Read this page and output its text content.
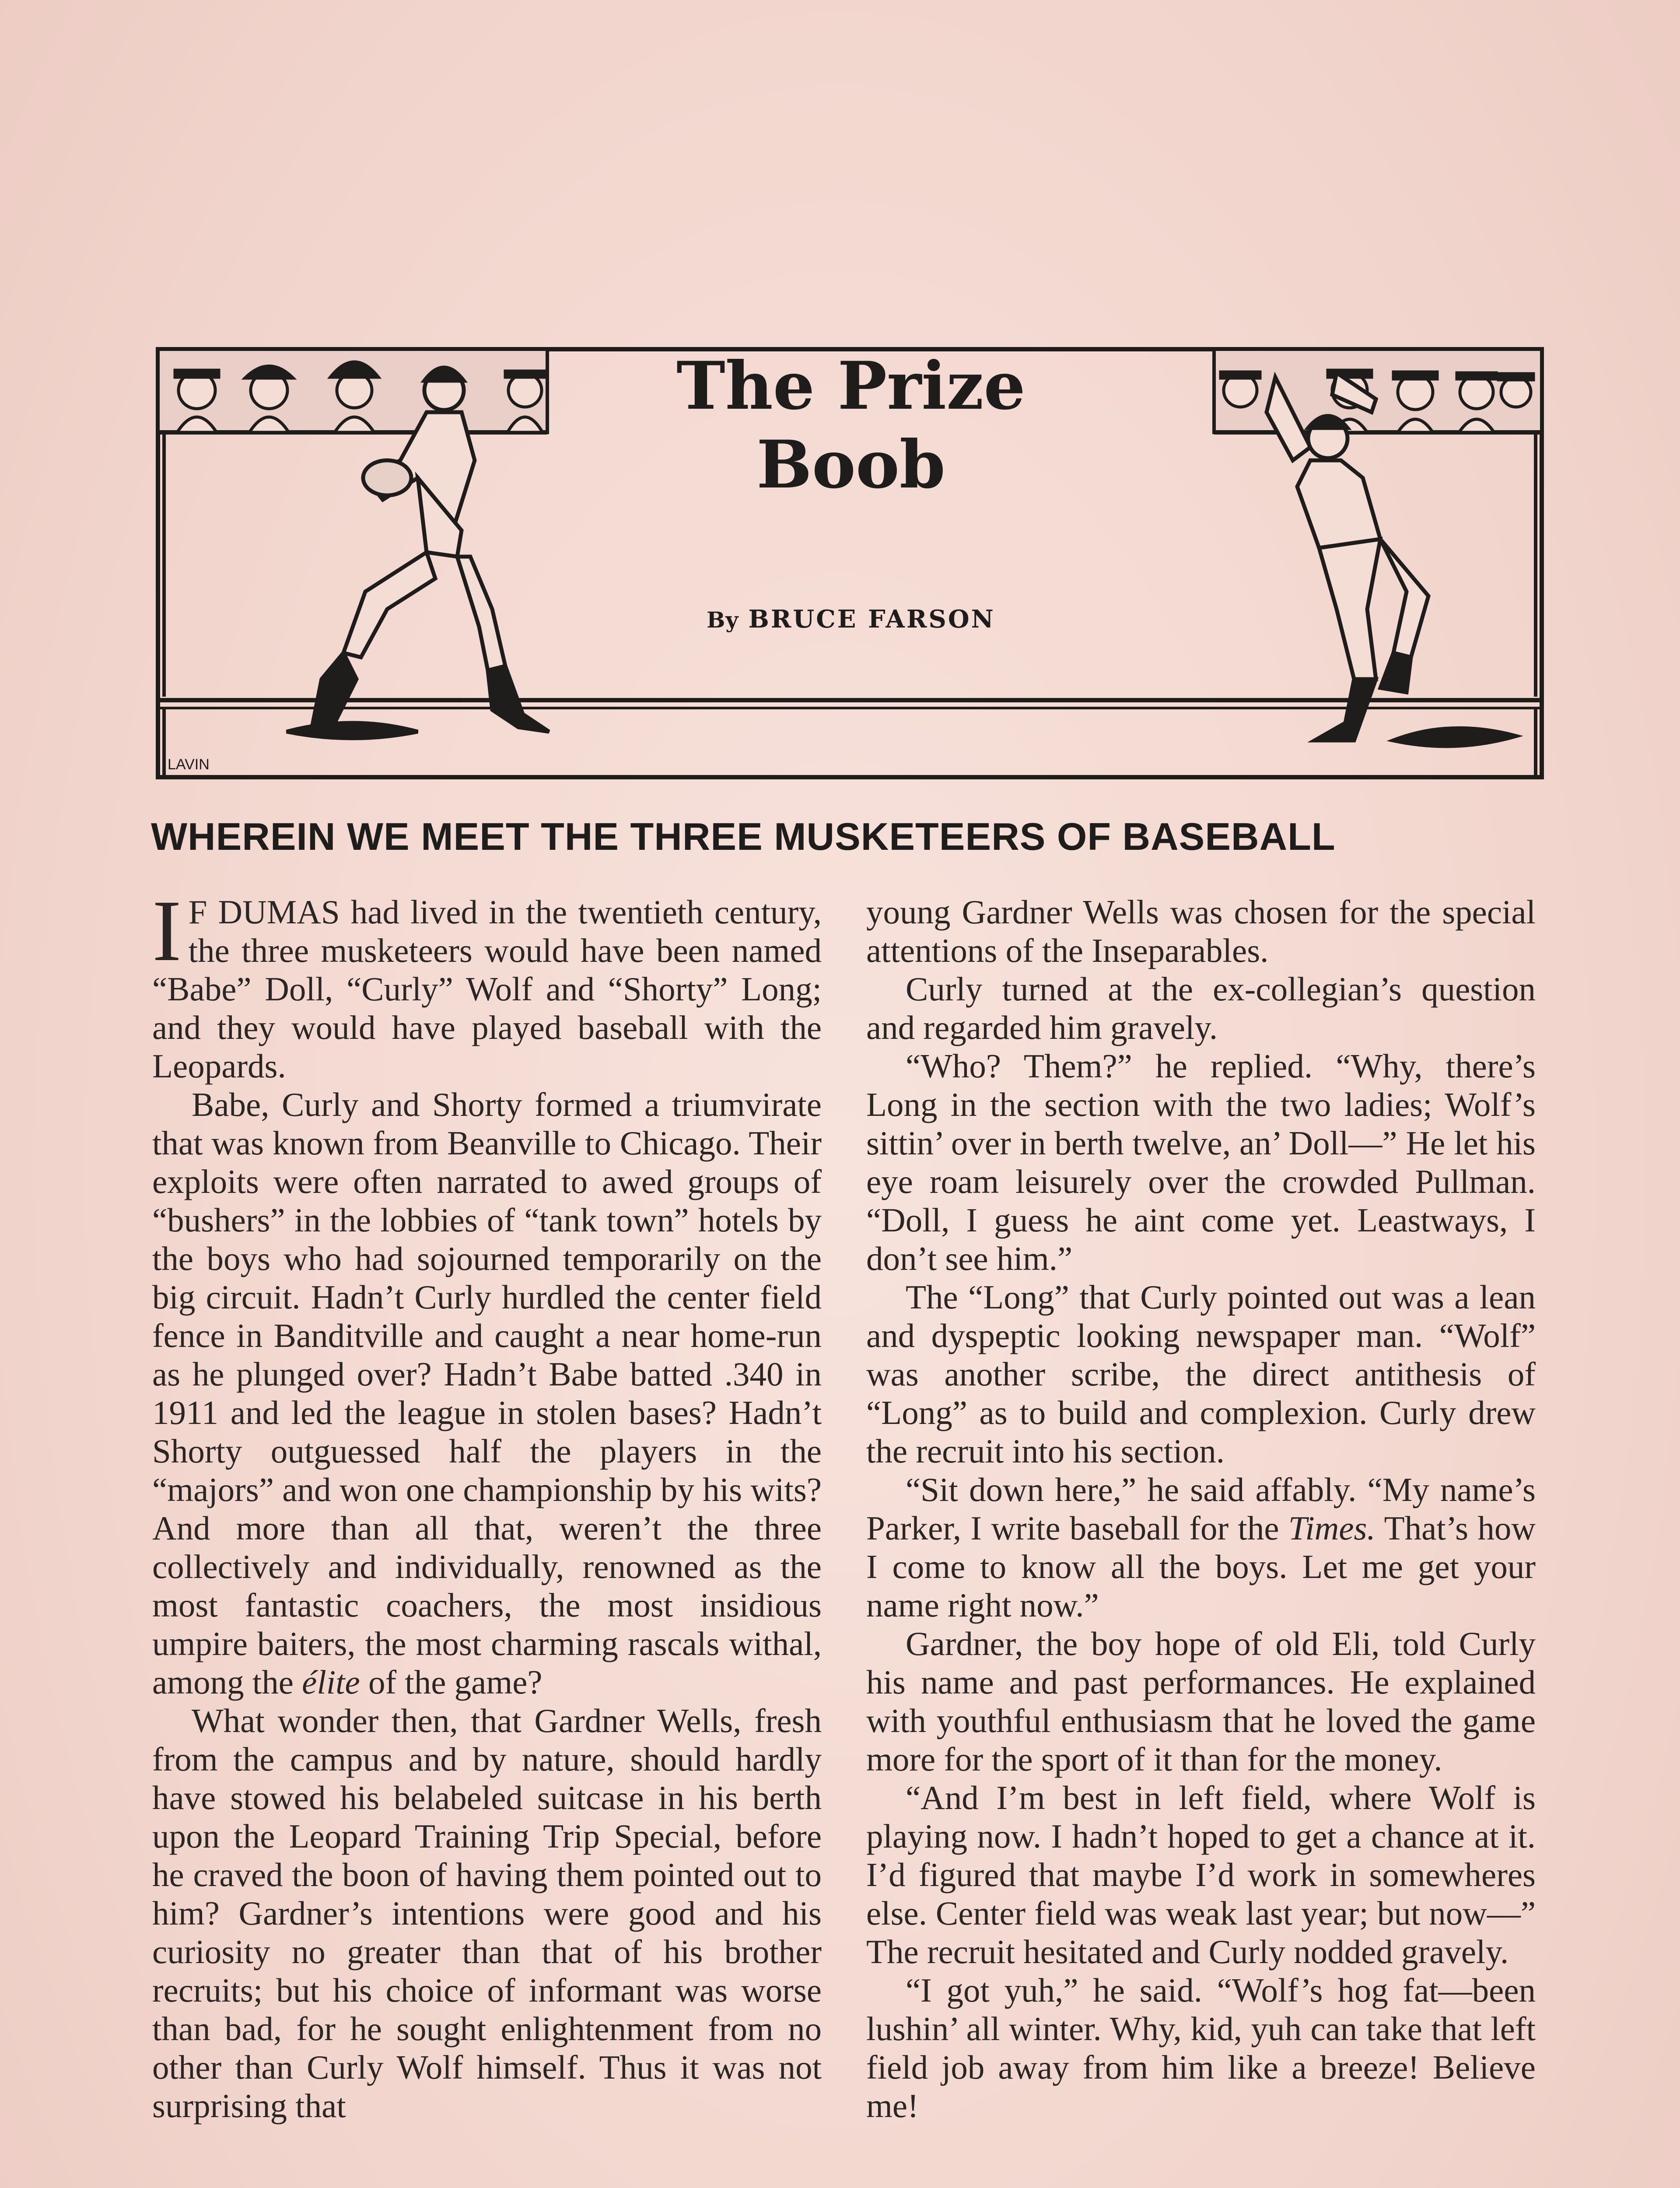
LAVIN
The Prize
Boob
By BRUCE FARSON
WHEREIN WE MEET THE THREE MUSKETEERS OF BASEBALL

I F DUMAS had lived in the twentieth century, the three musketeers would have been named “Babe” Doll, “Curly” Wolf and “Shorty” Long; and they would have played baseball with the Leopards.

Babe, Curly and Shorty formed a triumvirate that was known from Beanville to Chicago. Their exploits were often narrated to awed groups of “bushers” in the lobbies of “tank town” hotels by the boys who had sojourned temporarily on the big circuit. Hadn’t Curly hurdled the center field fence in Banditville and caught a near home-run as he plunged over? Hadn’t Babe batted .340 in 1911 and led the league in stolen bases? Hadn’t Shorty outguessed half the players in the “majors” and won one championship by his wits? And more than all that, weren’t the three collectively and individually, renowned as the most fantastic coachers, the most insidious umpire baiters, the most charming rascals withal, among the élite of the game?

What wonder then, that Gardner Wells, fresh from the campus and by nature, should hardly have stowed his belabeled suitcase in his berth upon the Leopard Training Trip Special, before he craved the boon of having them pointed out to him? Gardner’s intentions were good and his curiosity no greater than that of his brother recruits; but his choice of informant was worse than bad, for he sought enlightenment from no other than Curly Wolf himself. Thus it was not surprising that

young Gardner Wells was chosen for the special attentions of the Inseparables.

Curly turned at the ex-collegian’s question and regarded him gravely.

“Who? Them?” he replied. “Why, there’s Long in the section with the two ladies; Wolf’s sittin’ over in berth twelve, an’ Doll—” He let his eye roam leisurely over the crowded Pullman. “Doll, I guess he aint come yet. Leastways, I don’t see him.”

The “Long” that Curly pointed out was a lean and dyspeptic looking newspaper man. “Wolf” was another scribe, the direct antithesis of “Long” as to build and complexion. Curly drew the recruit into his section.

“Sit down here,” he said affably. “My name’s Parker, I write baseball for the Times. That’s how I come to know all the boys. Let me get your name right now.”

Gardner, the boy hope of old Eli, told Curly his name and past performances. He explained with youthful enthusiasm that he loved the game more for the sport of it than for the money.

“And I’m best in left field, where Wolf is playing now. I hadn’t hoped to get a chance at it. I’d figured that maybe I’d work in somewheres else. Center field was weak last year; but now—” The recruit hesitated and Curly nodded gravely.

“I got yuh,” he said. “Wolf’s hog fat—been lushin’ all winter. Why, kid, yuh can take that left field job away from him like a breeze! Believe me!
